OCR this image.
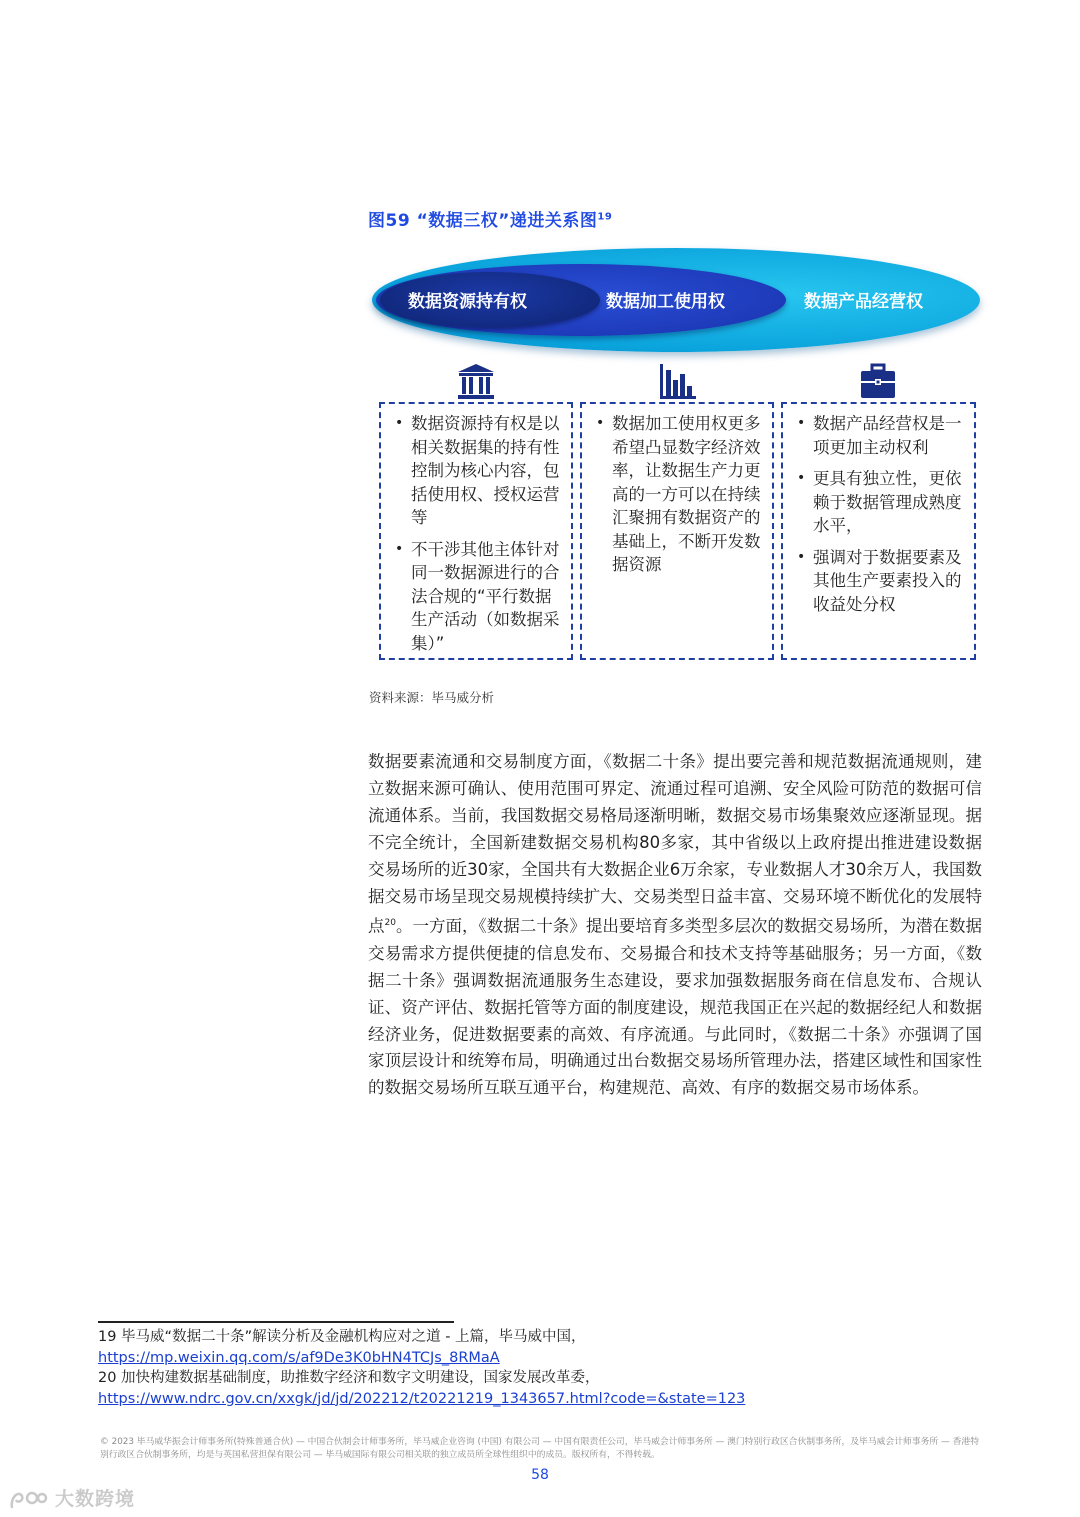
图59 “数据三权”递进关系图$^{19}$
数据资源持有权	数据加工使用权	数据产品经营权
• 数据资源持有权是以相关数据集的持有性控制为核心内容，包括使用权、授权运营等
• 不干涉其他主体针对同一数据源进行的合法合规的“平行数据生产活动（如数据采集）”
• 数据加工使用权更多希望凸显数字经济效率，让数据生产力更高的一方可以在持续汇聚拥有数据资产的基础上，不断开发数据资源
• 数据产品经营权是一项更加主动权利
• 更具有独立性，更依赖于数据管理成熟度水平，
• 强调对于数据要素及其他生产要素投入的收益处分权
资料来源：毕马威分析
数据要素流通和交易制度方面，《数据二十条》提出要完善和规范数据流通规则，建立数据来源可确认、使用范围可界定、流通过程可追溯、安全风险可防范的数据可信流通体系。当前，我国数据交易格局逐渐明晰，数据交易市场集聚效应逐渐显现。据不完全统计，全国新建数据交易机构80多家，其中省级以上政府提出推进建设数据交易场所的近30家，全国共有大数据企业6万余家，专业数据人才30余万人，我国数据交易市场呈现交易规模持续扩大、交易类型日益丰富、交易环境不断优化的发展特点$^{20}$。一方面，《数据二十条》提出要培育多类型多层次的数据交易场所，为潜在数据交易需求方提供便捷的信息发布、交易撮合和技术支持等基础服务；另一方面，《数据二十条》强调数据流通服务生态建设，要求加强数据服务商在信息发布、合规认证、资产评估、数据托管等方面的制度建设，规范我国正在兴起的数据经纪人和数据经济业务，促进数据要素的高效、有序流通。与此同时，《数据二十条》亦强调了国家顶层设计和统筹布局，明确通过出台数据交易场所管理办法，搭建区域性和国家性的数据交易场所互联互通平台，构建规范、高效、有序的数据交易市场体系。
19 毕马威“数据二十条”解读分析及金融机构应对之道 - 上篇，毕马威中国，
https://mp.weixin.qq.com/s/af9De3K0bHN4TCJs_8RMaA
20 加快构建数据基础制度，助推数字经济和数字文明建设，国家发展改革委，
https://www.ndrc.gov.cn/xxgk/jd/jd/202212/t20221219_1343657.html?code=&state=123
© 2023 毕马威华振会计师事务所(特殊普通合伙) — 中国合伙制会计师事务所，毕马威企业咨询 (中国) 有限公司 — 中国有限责任公司，毕马威会计师事务所 — 澳门特别行政区合伙制事务所，及毕马威会计师事务所 — 香港特别行政区合伙制事务所，均是与英国私营担保有限公司 — 毕马威国际有限公司相关联的独立成员所全球性组织中的成员。版权所有，不得转载。
58
大数跨境
